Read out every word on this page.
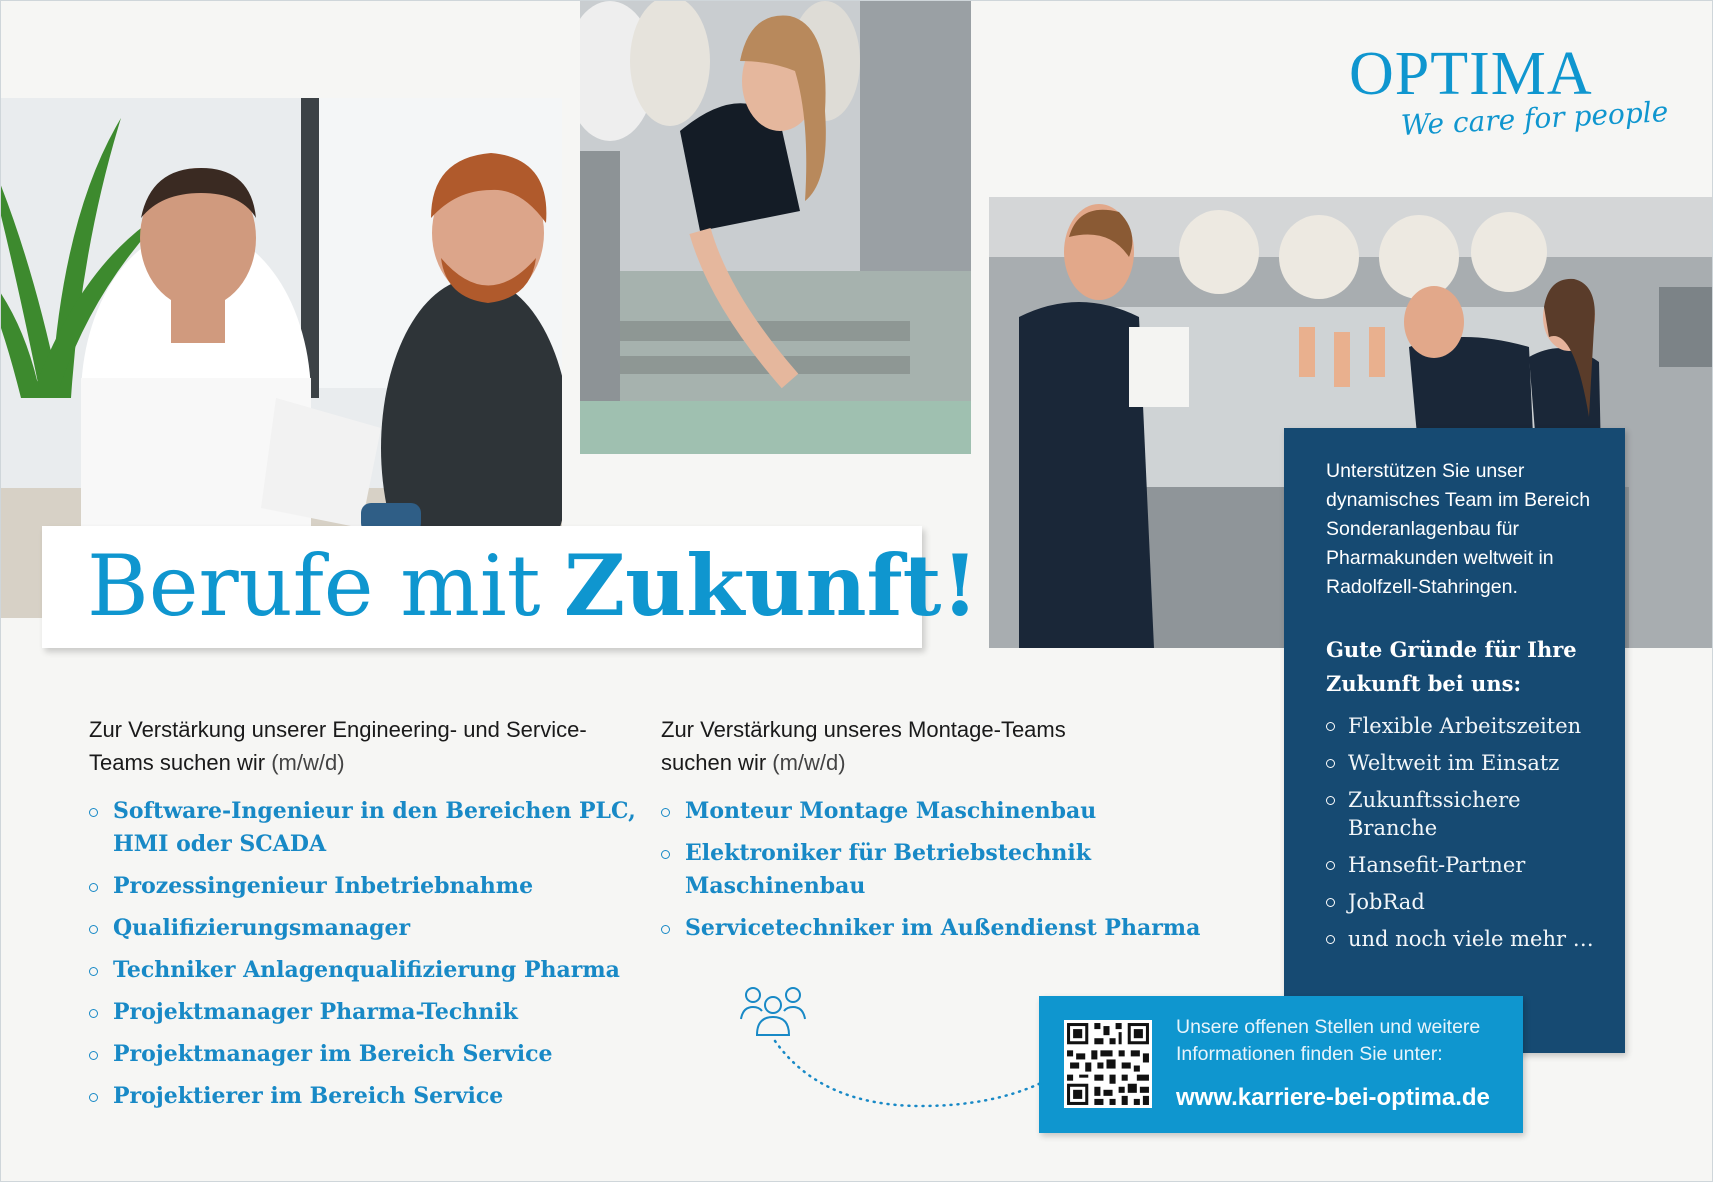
OPTIMA
We care for people
Berufe mit Zukunft!

Zur Verstärkung unserer Engineering- und Service-Teams suchen wir (m/w/d)

Software-Ingenieur in den Bereichen PLC, HMI oder SCADA
Prozessingenieur Inbetriebnahme
Qualifizierungsmanager
Techniker Anlagenqualifizierung Pharma
Projektmanager Pharma-Technik
Projektmanager im Bereich Service
Projektierer im Bereich Service

Zur Verstärkung unseres Montage-Teams suchen wir (m/w/d)

Monteur Montage Maschinenbau
Elektroniker für Betriebstechnik Maschinenbau
Servicetechniker im Außendienst Pharma

Unterstützen Sie unser dynamisches Team im Bereich Sonderanlagenbau für Pharmakunden weltweit in Radolfzell-Stahringen.

Gute Gründe für Ihre Zukunft bei uns:

Flexible Arbeitszeiten
Weltweit im Einsatz
Zukunftssichere Branche
Hansefit-Partner
JobRad
und noch viele mehr …

Unsere offenen Stellen und weitere Informationen finden Sie unter:

www.karriere-bei-optima.de
